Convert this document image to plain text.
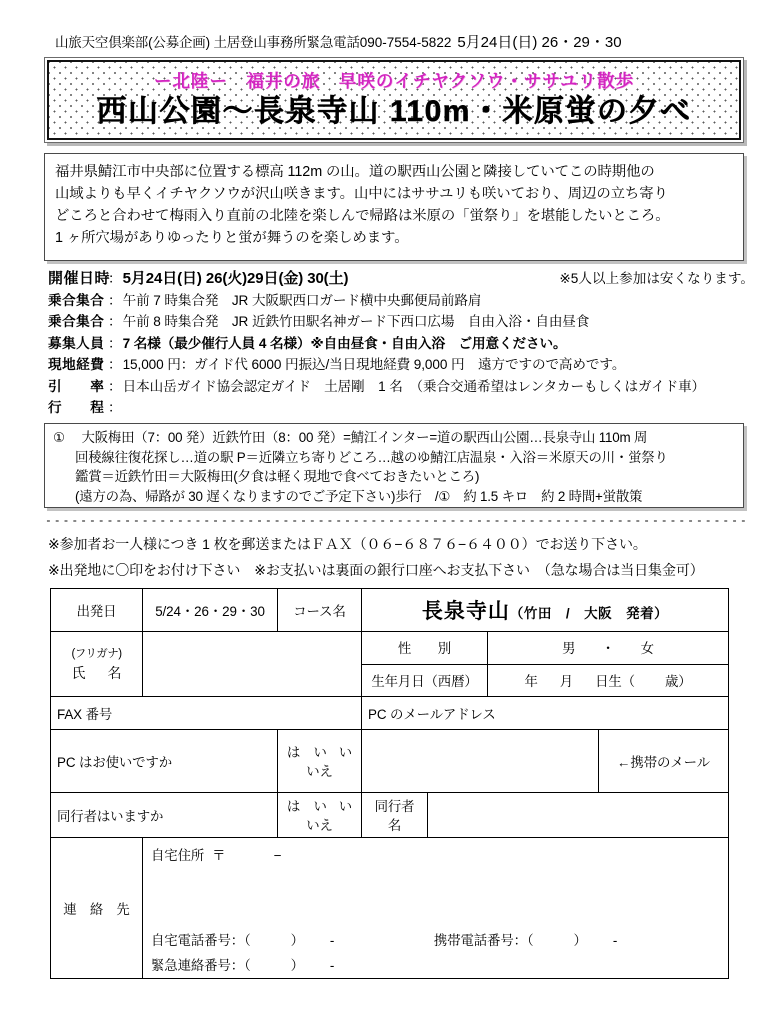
山旅天空倶楽部(公募企画) 土居登山事務所緊急電話090-7554-5822 5月24日(日) 26・29・30
ー北陸ー　福井の旅　早咲のイチヤクソウ・ササユリ散歩
西山公園〜長泉寺山 110m・米原蛍の夕べ

福井県鯖江市中央部に位置する標高 112m の山。道の駅西山公園と隣接していてこの時期他の

山域よりも早くイチヤクソウが沢山咲きます。山中にはササユリも咲いており、周辺の立ち寄り

どころと合わせて梅雨入り直前の北陸を楽しんで帰路は米原の「蛍祭り」を堪能したいところ。

1 ヶ所穴場がありゆったりと蛍が舞うのを楽しめます。

開催日時
： 5月24日(日) 26(火)29日(金) 30(土)	※5人以上参加は安くなります。
乗合集合 ： 午前 7 時集合発　JR 大阪駅西口ガード横中央郵便局前路肩
乗合集合 ： 午前 8 時集合発　JR 近鉄竹田駅名神ガード下西口広場　自由入浴・自由昼食
募集人員 ： 7 名様（最少催行人員 4 名様）※自由昼食・自由入浴　ご用意ください。
現地経費 ： 15,000 円：ガイド代 6000 円振込/当日現地経費 9,000 円　遠方ですので高めです。
引　　率 ： 日本山岳ガイド協会認定ガイド　土居剛　1 名　（乗合交通希望はレンタカーもしくはガイド車）
行　　程 ：
① 　大阪梅田（7：00 発）近鉄竹田（8：00 発）=鯖江インター=道の駅西山公園…長泉寺山 110m 周
回稜線往復花探し…道の駅 P＝近隣立ち寄りどころ…越のゆ鯖江店温泉・入浴＝米原天の川・蛍祭り
鑑賞＝近鉄竹田＝大阪梅田(夕食は軽く現地で食べておきたいところ)
(遠方の為、帰路が 30 遅くなりますのでご予定下さい)歩行　/①　約 1.5 キロ　約 2 時間+蛍散策
※参加者お一人様につき 1 枚を郵送またはＦＡＸ（０６−６８７６−６４００）でお送り下さい。
※出発地に〇印をお付け下さい　※お支払いは裏面の銀行口座へお支払下さい　（急な場合は当日集金可）
出発日	5/24・26・29・30	コース名	長泉寺山（竹田　/　大阪　発着）			

(フリガナ)
氏　名			性　　別		男 ・ 女	
			生年月日（西暦）		年 月 日生（ 歳）	
FAX 番号			PC のメールアドレス			
PC はお使いですか		は　い いいえ				←携帯のメール
同行者はいますか		は　い いいえ	同行者名			
連　絡　先	自宅住所 〒 −
自宅電話番号：（ ） - 携帯電話番号：（ ） -
緊急連絡番号：（ ） -					
